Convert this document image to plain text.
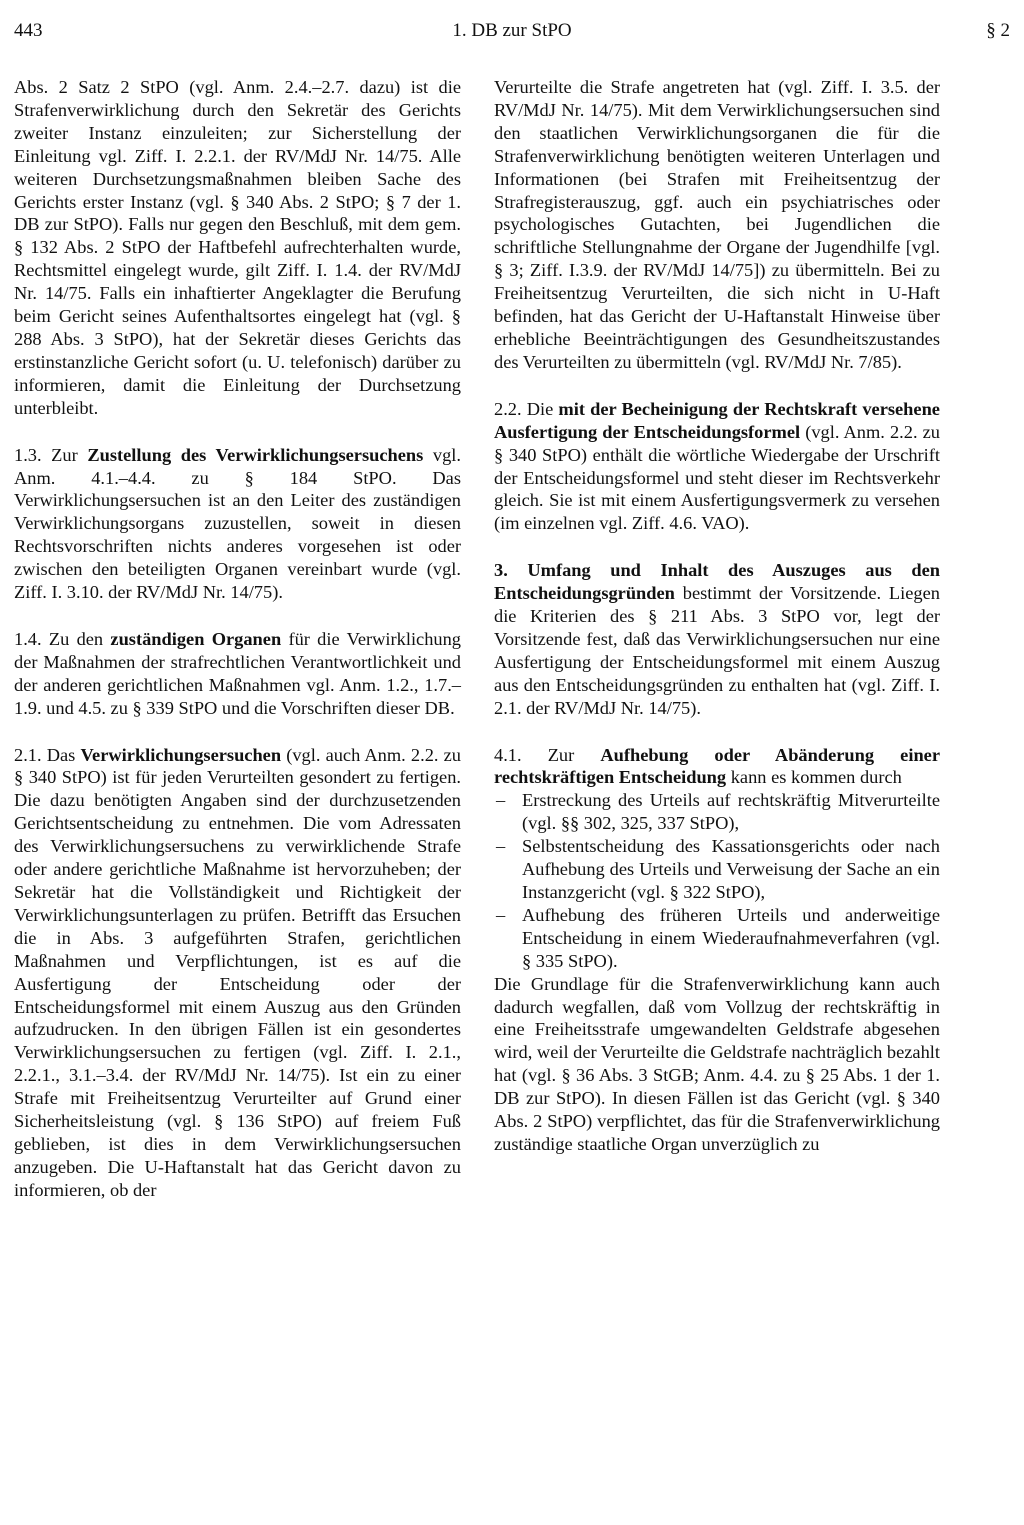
443	1. DB zur StPO	§ 2

Abs. 2 Satz 2 StPO (vgl. Anm. 2.4.–2.7. dazu) ist die Strafenverwirklichung durch den Sekretär des Gerichts zweiter Instanz einzuleiten; zur Sicherstellung der Einleitung vgl. Ziff. I. 2.2.1. der RV/MdJ Nr. 14/75. Alle weiteren Durchsetzungsmaßnahmen bleiben Sache des Gerichts erster Instanz (vgl. § 340 Abs. 2 StPO; § 7 der 1. DB zur StPO). Falls nur gegen den Beschluß, mit dem gem. § 132 Abs. 2 StPO der Haftbefehl aufrechterhalten wurde, Rechtsmittel eingelegt wurde, gilt Ziff. I. 1.4. der RV/MdJ Nr. 14/75. Falls ein inhaftierter Angeklagter die Berufung beim Gericht seines Aufenthaltsortes eingelegt hat (vgl. § 288 Abs. 3 StPO), hat der Sekretär dieses Gerichts das erstinstanzliche Gericht sofort (u. U. telefonisch) darüber zu informieren, damit die Einleitung der Durchsetzung unterbleibt.

1.3. Zur Zustellung des Verwirklichungsersuchens vgl. Anm. 4.1.–4.4. zu § 184 StPO. Das Verwirklichungsersuchen ist an den Leiter des zuständigen Verwirklichungsorgans zuzustellen, soweit in diesen Rechtsvorschriften nichts anderes vorgesehen ist oder zwischen den beteiligten Organen vereinbart wurde (vgl. Ziff. I. 3.10. der RV/MdJ Nr. 14/75).

1.4. Zu den zuständigen Organen für die Verwirklichung der Maßnahmen der strafrechtlichen Verantwortlichkeit und der anderen gerichtlichen Maßnahmen vgl. Anm. 1.2., 1.7.–1.9. und 4.5. zu § 339 StPO und die Vorschriften dieser DB.

2.1. Das Verwirklichungsersuchen (vgl. auch Anm. 2.2. zu § 340 StPO) ist für jeden Verurteilten gesondert zu fertigen. Die dazu benötigten Angaben sind der durchzusetzenden Gerichtsentscheidung zu entnehmen. Die vom Adressaten des Verwirklichungsersuchens zu verwirklichende Strafe oder andere gerichtliche Maßnahme ist hervorzuheben; der Sekretär hat die Vollständigkeit und Richtigkeit der Verwirklichungsunterlagen zu prüfen. Betrifft das Ersuchen die in Abs. 3 aufgeführten Strafen, gerichtlichen Maßnahmen und Verpflichtungen, ist es auf die Ausfertigung der Entscheidung oder der Entscheidungsformel mit einem Auszug aus den Gründen aufzudrucken. In den übrigen Fällen ist ein gesondertes Verwirklichungsersuchen zu fertigen (vgl. Ziff. I. 2.1., 2.2.1., 3.1.–3.4. der RV/MdJ Nr. 14/75). Ist ein zu einer Strafe mit Freiheitsentzug Verurteilter auf Grund einer Sicherheitsleistung (vgl. § 136 StPO) auf freiem Fuß geblieben, ist dies in dem Verwirklichungsersuchen anzugeben. Die U-Haftanstalt hat das Gericht davon zu informieren, ob der

Verurteilte die Strafe angetreten hat (vgl. Ziff. I. 3.5. der RV/MdJ Nr. 14/75). Mit dem Verwirklichungsersuchen sind den staatlichen Verwirklichungsorganen die für die Strafenverwirklichung benötigten weiteren Unterlagen und Informationen (bei Strafen mit Freiheitsentzug der Strafregisterauszug, ggf. auch ein psychiatrisches oder psychologisches Gutachten, bei Jugendlichen die schriftliche Stellungnahme der Organe der Jugendhilfe [vgl. § 3; Ziff. I.3.9. der RV/MdJ 14/75]) zu übermitteln. Bei zu Freiheitsentzug Verurteilten, die sich nicht in U-Haft befinden, hat das Gericht der U-Haftanstalt Hinweise über erhebliche Beeinträchtigungen des Gesundheitszustandes des Verurteilten zu übermitteln (vgl. RV/MdJ Nr. 7/85).

2.2. Die mit der Becheinigung der Rechtskraft versehene Ausfertigung der Entscheidungsformel (vgl. Anm. 2.2. zu § 340 StPO) enthält die wörtliche Wiedergabe der Urschrift der Entscheidungsformel und steht dieser im Rechtsverkehr gleich. Sie ist mit einem Ausfertigungsvermerk zu versehen (im einzelnen vgl. Ziff. 4.6. VAO).

3. Umfang und Inhalt des Auszuges aus den Entscheidungsgründen bestimmt der Vorsitzende. Liegen die Kriterien des § 211 Abs. 3 StPO vor, legt der Vorsitzende fest, daß das Verwirklichungsersuchen nur eine Ausfertigung der Entscheidungsformel mit einem Auszug aus den Entscheidungsgründen zu enthalten hat (vgl. Ziff. I. 2.1. der RV/MdJ Nr. 14/75).

4.1. Zur Aufhebung oder Abänderung einer rechtskräftigen Entscheidung kann es kommen durch

– Erstreckung des Urteils auf rechtskräftig Mitverurteilte (vgl. §§ 302, 325, 337 StPO),
– Selbstentscheidung des Kassationsgerichts oder nach Aufhebung des Urteils und Verweisung der Sache an ein Instanzgericht (vgl. § 322 StPO),
– Aufhebung des früheren Urteils und anderweitige Entscheidung in einem Wiederaufnahmeverfahren (vgl. § 335 StPO).

Die Grundlage für die Strafenverwirklichung kann auch dadurch wegfallen, daß vom Vollzug der rechtskräftig in eine Freiheitsstrafe umgewandelten Geldstrafe abgesehen wird, weil der Verurteilte die Geldstrafe nachträglich bezahlt hat (vgl. § 36 Abs. 3 StGB; Anm. 4.4. zu § 25 Abs. 1 der 1. DB zur StPO). In diesen Fällen ist das Gericht (vgl. § 340 Abs. 2 StPO) verpflichtet, das für die Strafenverwirklichung zuständige staatliche Organ unverzüglich zu
